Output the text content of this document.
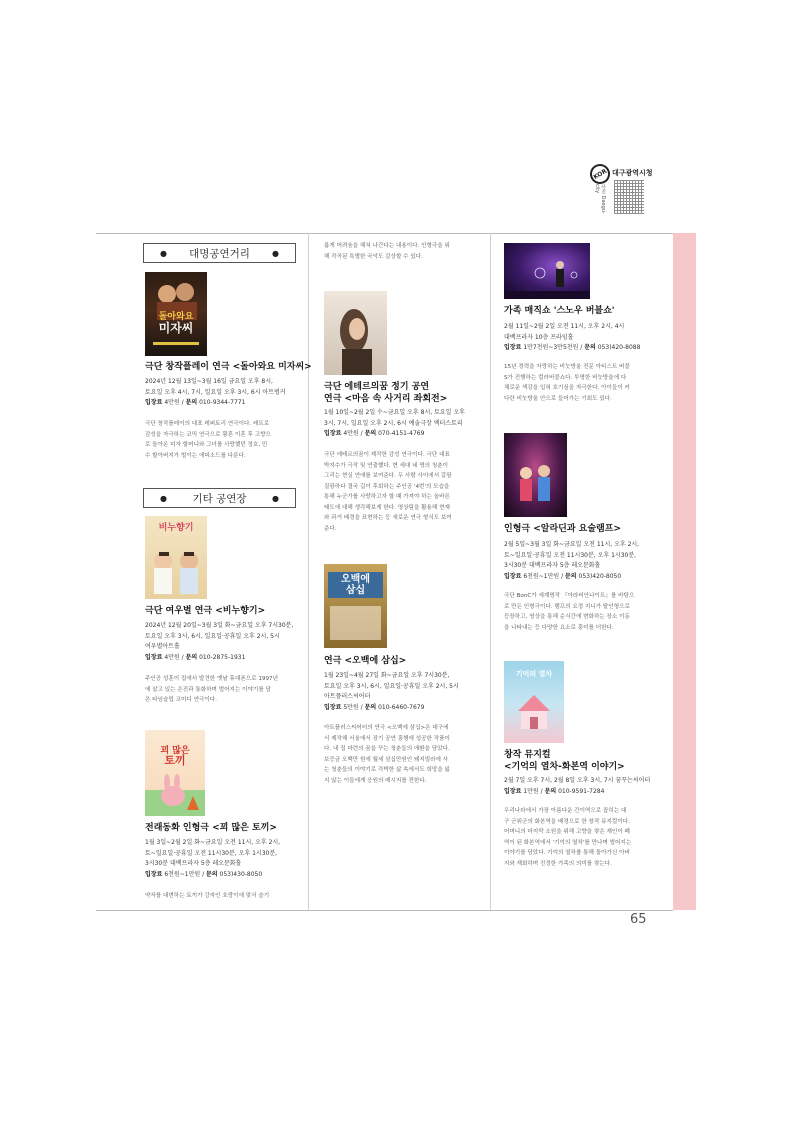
KOR 대구광역시청
사진 Daegu-city
65
● 대명공연거리	●
돌아와요
미자씨
극단 창작플레이 연극 <돌아와요 미자씨>
2024년 12월 13일~3월 16일 금요일 오후 8시,
토요일 오후 4시, 7시, 일요일 오후 3시, 6시 아트벙커
입장료 4만원 / 문의 010-9344-7771
극단 창작플레이의 대표 레퍼토리 연극이다. 레트로
감성을 자극하는 코믹 연극으로 황혼 이혼 후 고향으
로 돌아온 미자 할머니와 그녀를 사랑했던 정호, 민
수 할아버지가 벌이는 에피소드를 다룬다.
● 기타 공연장	●
비누향기
극단 여우별 연극 <비누향기>
2024년 12월 20일~3월 3일 화~금요일 오후 7시30분,
토요일 오후 3시, 6시, 일요일·공휴일 오후 2시, 5시
여우별아트홀
입장료 4만원 / 문의 010-2875-1931
주인공 성훈이 집에서 발견한 옛날 휴대폰으로 1997년
에 살고 있는 은진과 통화하며 벌어지는 이야기를 담
은 타임슬립 코미디 연극이다.
꾀 많은
토끼
전래동화 인형극 <꾀 많은 토끼>
1월 3일~2월 2일 화~금요일 오전 11시, 오후 2시,
토~일요일·공휴일 오전 11시30분, 오후 1시30분,
3시30분 대백프라자 5층 레오문화홀
입장료 6천원~1만원 / 문의 053)430-8050
약자를 대변하는 토끼가 강자인 호랑이에 맞서 슬기
롭게 어려움을 헤쳐 나간다는 내용이다. 인형극을 위
해 작곡된 특별한 국악도 감상할 수 있다.
극단 에테르의꿈 정기 공연
연극 <마음 속 사거리 좌회전>
1월 10일~2월 2일 수~금요일 오후 8시, 토요일 오후
3시, 7시, 일요일 오후 2시, 6시 예술극장 엑터스토리
입장료 4만원 / 문의 070-4151-4769
극단 에테르의꿈이 제작한 감성 연극이다. 극단 대표
박지수가 극작 및 연출했다. 현 세대 네 명의 청춘이
그리는 현실 연애를 보여준다. 두 사람 사이에서 갈팡
질팡하다 결국 길이 후회하는 주인공 '4번'의 모습을
통해 누군가를 사랑하고자 할 때 가져야 하는 올바른
태도에 대해 생각해보게 한다. 영상팀을 활용해 현재
와 과거 배경을 표현하는 등 새로운 연극 형식도 보여
준다.
오백에
삼십
연극 <오백에 삼십>
1월 23일~4월 27일 화~금요일 오후 7시30분,
토요일 오후 3시, 6시, 일요일·공휴일 오후 2시, 5시
아트플러스씨어터
입장료 5만원 / 문의 010-6460-7679
아트플러스씨어터의 연극 <오백에 삼십>은 대구에
서 제작해 서울에서 장기 공연 흥행에 성공한 작품이
다. 내 집 마련의 꿈을 꾸는 청춘들의 애환을 담았다.
보증금 오백만 원에 월세 삼십만원인 돼지빌라에 사
는 청춘들의 이야기로 각박한 삶 속에서도 희망을 잃
지 않는 이들에게 응원의 메시지를 전한다.
가족 매직쇼 '스노우 버블쇼'
2월 11일~2월 2일 오전 11시, 오후 2시, 4시
대백프라자 10층 프라임홀
입장료 1만7천원~3만5천원 / 문의 053)420-8088
15년 경력을 자랑하는 비눗방울 전문 아티스트 버블
S가 진행하는 컬러버블쇼다. 투명한 비눗방울에 다
채로운 색감을 입혀 호기심을 자극한다. 아이들이 커
다란 비눗방울 안으로 들어가는 기회도 있다.
인형극 <알라딘과 요술램프>
2월 5일~3월 3일 화~금요일 오전 11시, 오후 2시,
토~일요일·공휴일 오전 11시30분, 오후 1시30분,
3시30분 대백프라자 5층 레오문화홀
입장료 6천원~1만원 / 문의 053)420-8050
극단 BonC가 세계명작 『아라비안나이트』를 바탕으
로 만든 인형극이다. 램프의 요정 지니가 탈인형으로
등장하고, 영상을 통해 순식간에 변화하는 장소 이동
을 나타내는 등 다양한 요소로 흥미를 더한다.
기억의 열차
창작 뮤지컬
<기억의 열차-화본역 이야기>
2월 7일 오후 7시, 2월 8일 오후 3시, 7시 꿈꾸는씨어터
입장료 1만원 / 문의 010-9591-7284
우리나라에서 가장 아름다운 간이역으로 꼽히는 대
구 군위군의 화본역을 배경으로 한 창작 뮤지컬이다.
어머니의 마지막 소원을 위해 고향을 찾은 재인이 폐
역이 된 화본역에서 '기억의 열차'를 만나며 벌어지는
이야기를 담았다. 기억의 열차를 통해 돌아가신 아버
지와 재회하며 진정한 가족의 의미를 찾는다.
